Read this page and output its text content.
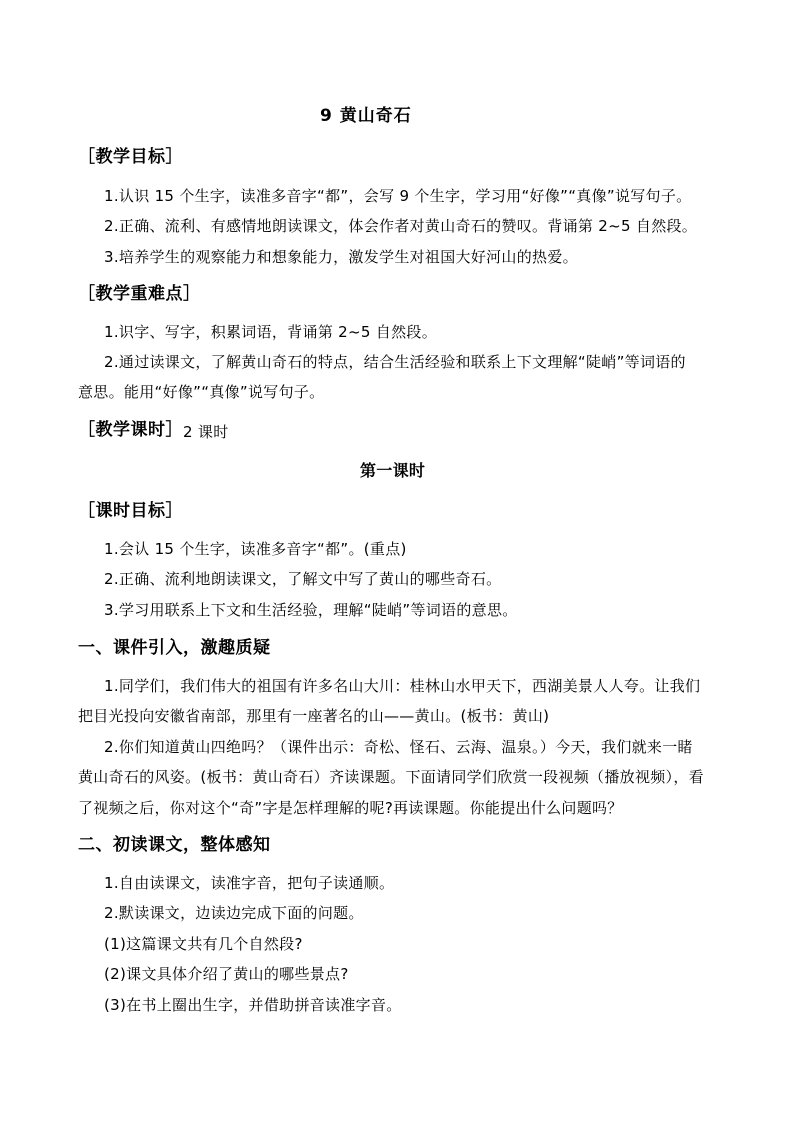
9 黄山奇石
［教学目标］
1.认识 15 个生字，读准多音字“都”，会写 9 个生字，学习用“好像”“真像”说写句子。
2.正确、流利、有感情地朗读课文，体会作者对黄山奇石的赞叹。背诵第 2~5 自然段。
3.培养学生的观察能力和想象能力，激发学生对祖国大好河山的热爱。
［教学重难点］
1.识字、写字，积累词语，背诵第 2~5 自然段。
2.通过读课文，了解黄山奇石的特点，结合生活经验和联系上下文理解“陡峭”等词语的
意思。能用“好像”“真像”说写句子。
［教学课时］ 2 课时
第一课时
［课时目标］
1.会认 15 个生字，读准多音字“都”。(重点)
2.正确、流利地朗读课文，了解文中写了黄山的哪些奇石。
3.学习用联系上下文和生活经验，理解“陡峭”等词语的意思。
一、课件引入，激趣质疑
1.同学们，我们伟大的祖国有许多名山大川：桂林山水甲天下，西湖美景人人夸。让我们
把目光投向安徽省南部，那里有一座著名的山——黄山。(板书：黄山)
2.你们知道黄山四绝吗？（课件出示：奇松、怪石、云海、温泉。）今天，我们就来一睹
黄山奇石的风姿。(板书：黄山奇石）齐读课题。下面请同学们欣赏一段视频（播放视频），看
了视频之后，你对这个“奇”字是怎样理解的呢?再读课题。你能提出什么问题吗？
二、初读课文，整体感知
1.自由读课文，读准字音，把句子读通顺。
2.默读课文，边读边完成下面的问题。
(1)这篇课文共有几个自然段?
(2)课文具体介绍了黄山的哪些景点?
(3)在书上圈出生字，并借助拼音读准字音。
